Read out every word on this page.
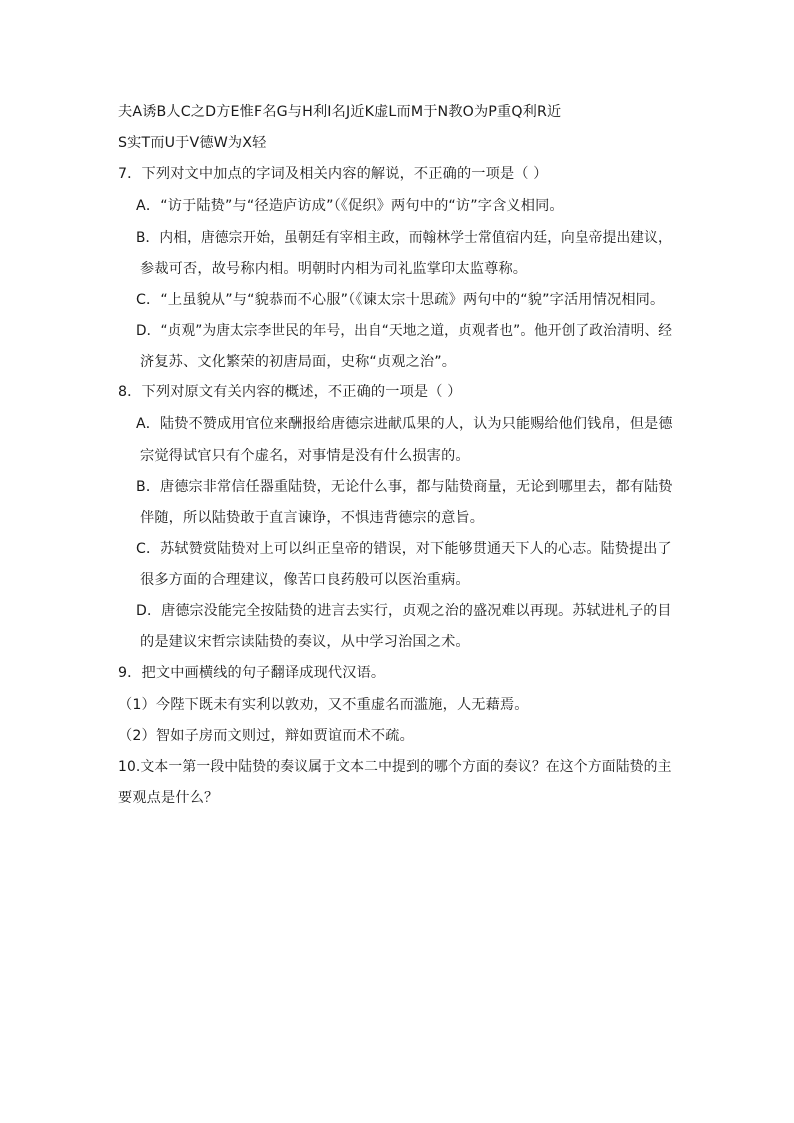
夫A诱B人C之D方E惟F名G与H利I名J近K虚L而M于N教O为P重Q利R近
S实T而U于V德W为X轻
7．下列对文中加点的字词及相关内容的解说，不正确的一项是（ ）
A．“访于陆贽”与“径造庐访成”（《促织》两句中的“访”字含义相同。
B．内相，唐德宗开始，虽朝廷有宰相主政，而翰林学士常值宿内廷，向皇帝提出建议，
参裁可否，故号称内相。明朝时内相为司礼监掌印太监尊称。
C．“上虽貌从”与“貌恭而不心服”（《谏太宗十思疏》两句中的“貌”字活用情况相同。
D．“贞观”为唐太宗李世民的年号，出自“天地之道，贞观者也”。他开创了政治清明、经
济复苏、文化繁荣的初唐局面，史称“贞观之治”。
8．下列对原文有关内容的概述，不正确的一项是（ ）
A．陆贽不赞成用官位来酬报给唐德宗进献瓜果的人，认为只能赐给他们钱帛，但是德
宗觉得试官只有个虚名，对事情是没有什么损害的。
B．唐德宗非常信任器重陆贽，无论什么事，都与陆贽商量，无论到哪里去，都有陆贽
伴随，所以陆贽敢于直言谏诤，不惧违背德宗的意旨。
C．苏轼赞赏陆贽对上可以纠正皇帝的错误，对下能够贯通天下人的心志。陆贽提出了
很多方面的合理建议，像苦口良药般可以医治重病。
D．唐德宗没能完全按陆贽的进言去实行，贞观之治的盛况难以再现。苏轼进札子的目
的是建议宋哲宗读陆贽的奏议，从中学习治国之术。
9．把文中画横线的句子翻译成现代汉语。
（1）今陛下既未有实利以敦劝，又不重虚名而滥施，人无藉焉。
（2）智如子房而文则过，辩如贾谊而术不疏。
10.文本一第一段中陆贽的奏议属于文本二中提到的哪个方面的奏议？在这个方面陆贽的主
要观点是什么？
